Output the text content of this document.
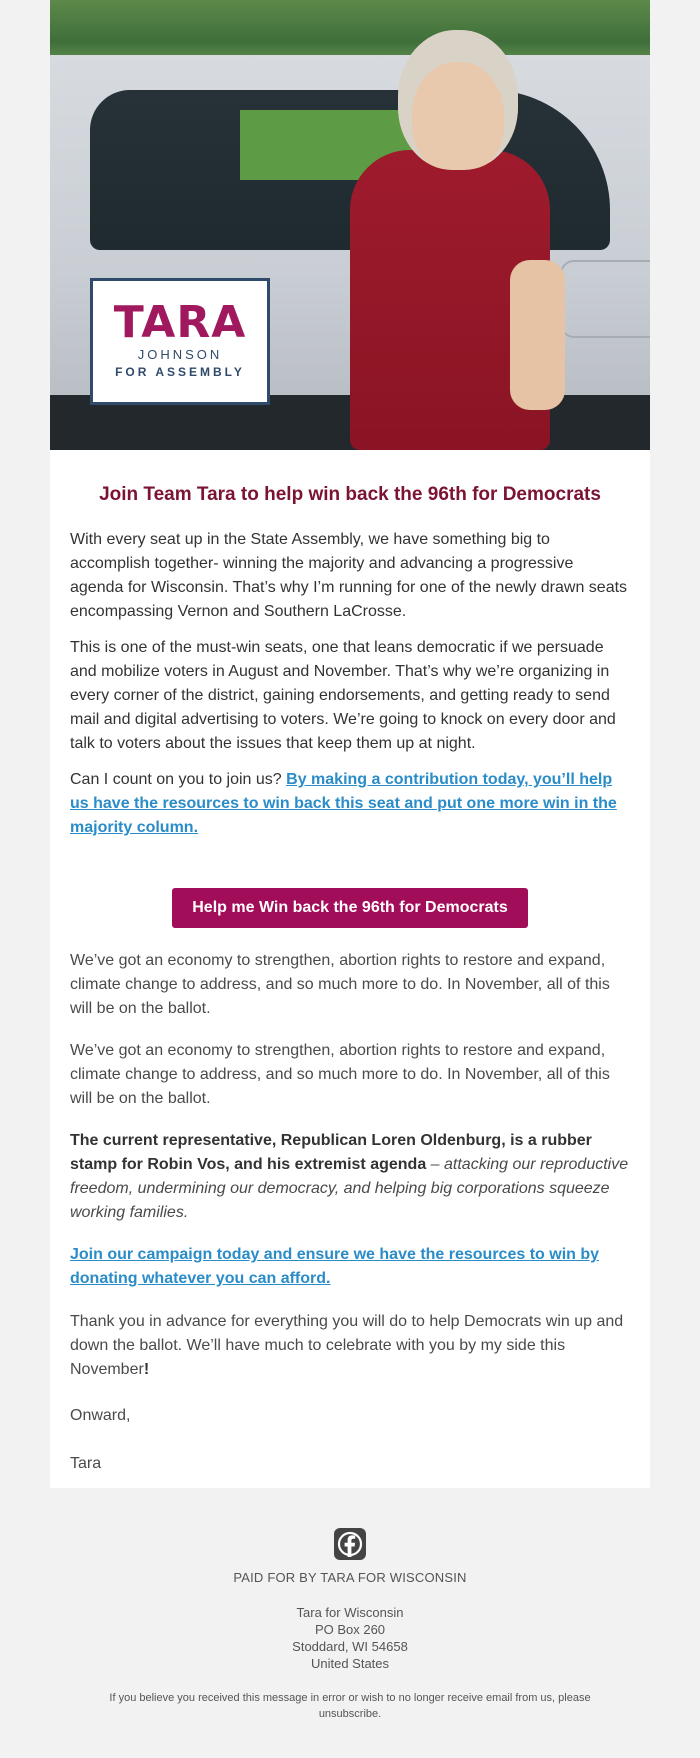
TARA
JOHNSON
FOR ASSEMBLY
Join Team Tara to help win back the 96th for Democrats
With every seat up in the State Assembly, we have something big to accomplish together- winning the majority and advancing a progressive agenda for Wisconsin. That’s why I’m running for one of the newly drawn seats encompassing Vernon and Southern LaCrosse.
This is one of the must-win seats, one that leans democratic if we persuade and mobilize voters in August and November. That’s why we’re organizing in every corner of the district, gaining endorsements, and getting ready to send mail and digital advertising to voters. We’re going to knock on every door and talk to voters about the issues that keep them up at night.
Can I count on you to join us? By making a contribution today, you’ll help us have the resources to win back this seat and put one more win in the majority column.
Help me Win back the 96th for Democrats
We’ve got an economy to strengthen, abortion rights to restore and expand, climate change to address, and so much more to do. In November, all of this will be on the ballot.
We’ve got an economy to strengthen, abortion rights to restore and expand, climate change to address, and so much more to do. In November, all of this will be on the ballot.
The current representative, Republican Loren Oldenburg, is a rubber stamp for Robin Vos, and his extremist agenda – attacking our reproductive freedom, undermining our democracy, and helping big corporations squeeze working families.
Join our campaign today and ensure we have the resources to win by donating whatever you can afford.
Thank you in advance for everything you will do to help Democrats win up and down the ballot. We’ll have much to celebrate with you by my side this November!
Onward,
Tara
PAID FOR BY TARA FOR WISCONSIN
Tara for Wisconsin
PO Box 260
Stoddard, WI 54658
United States
If you believe you received this message in error or wish to no longer receive email from us, please unsubscribe.
